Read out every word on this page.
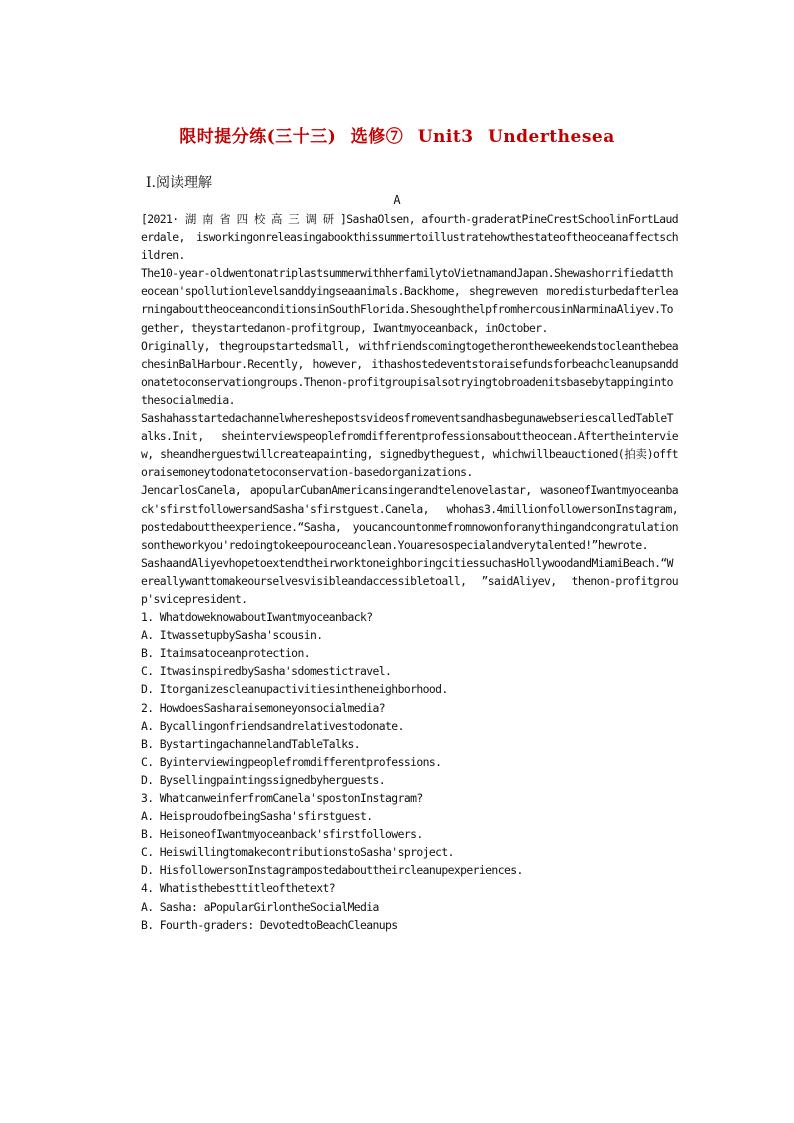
限时提分练(三十三) 选修⑦ Unit3 Underthesea
Ⅰ.阅读理解
A

[2021· 湖 南 省 四 校 高 三 调 研 ]SashaOlsen, afourth-graderatPineCrestSchoolinFortLauderdale, isworkingonreleasingabookthissummertoillustratehowthestateoftheoceanaffectschildren.

The10-year-oldwentonatriplastsummerwithherfamilytoVietnamandJapan.Shewashorrifiedattheocean'spollutionlevelsanddyingseaanimals.Backhome, shegreweven moredisturbedafterlearningabouttheoceanconditionsinSouthFlorida.ShesoughthelpfromhercousinNarminaAliyev.Together, theystartedanon-profitgroup, Iwantmyoceanback, inOctober.

Originally, thegroupstartedsmall, withfriendscomingtogetherontheweekendstocleanthebeachesinBalHarbour.Recently, however, ithashostedeventstoraisefundsforbeachcleanupsanddonatetoconservationgroups.Thenon-profitgroupisalsotryingtobroadenitsbasebytappingintothesocialmedia.

SashahasstartedachannelwhereshepostsvideosfromeventsandhasbegunawebseriescalledTableTalks.Init, sheinterviewspeoplefromdifferentprofessionsabouttheocean.Aftertheinterview, sheandherguestwillcreateapainting, signedbytheguest, whichwillbeauctioned(拍卖)offtoraisemoneytodonatetoconservation-basedorganizations.

JencarlosCanela, apopularCubanAmericansingerandtelenovelastar, wasoneofIwantmyoceanback'sfirstfollowersandSasha'sfirstguest.Canela, whohas3.4millionfollowersonInstagram, postedabouttheexperience.“Sasha, youcancountonmefromnowonforanythingandcongratulationsontheworkyou'redoingtokeepouroceanclean.Youaresospecialandverytalented!”hewrote.

SashaandAliyevhopetoextendtheirworktoneighboringcitiessuchasHollywoodandMiamiBeach.“Wereallywanttomakeourselvesvisibleandaccessibletoall, ”saidAliyev, thenon-profitgroup'svicepresident.

1. WhatdoweknowaboutIwantmyoceanback?
A. ItwassetupbySasha'scousin.
B. Itaimsatoceanprotection.
C. ItwasinspiredbySasha'sdomestictravel.
D. Itorganizescleanupactivitiesintheneighborhood.
2. HowdoesSasharaisemoneyonsocialmedia?
A. Bycallingonfriendsandrelativestodonate.
B. BystartingachannelandTableTalks.
C. Byinterviewingpeoplefromdifferentprofessions.
D. Bysellingpaintingssignedbyherguests.
3. WhatcanweinferfromCanela'spostonInstagram?
A. HeisproudofbeingSasha'sfirstguest.
B. HeisoneofIwantmyoceanback'sfirstfollowers.
C. HeiswillingtomakecontributionstoSasha'sproject.
D. HisfollowersonInstagrampostedabouttheircleanupexperiences.
4. Whatisthebesttitleofthetext?
A. Sasha: aPopularGirlontheSocialMedia
B. Fourth-graders: DevotedtoBeachCleanups
